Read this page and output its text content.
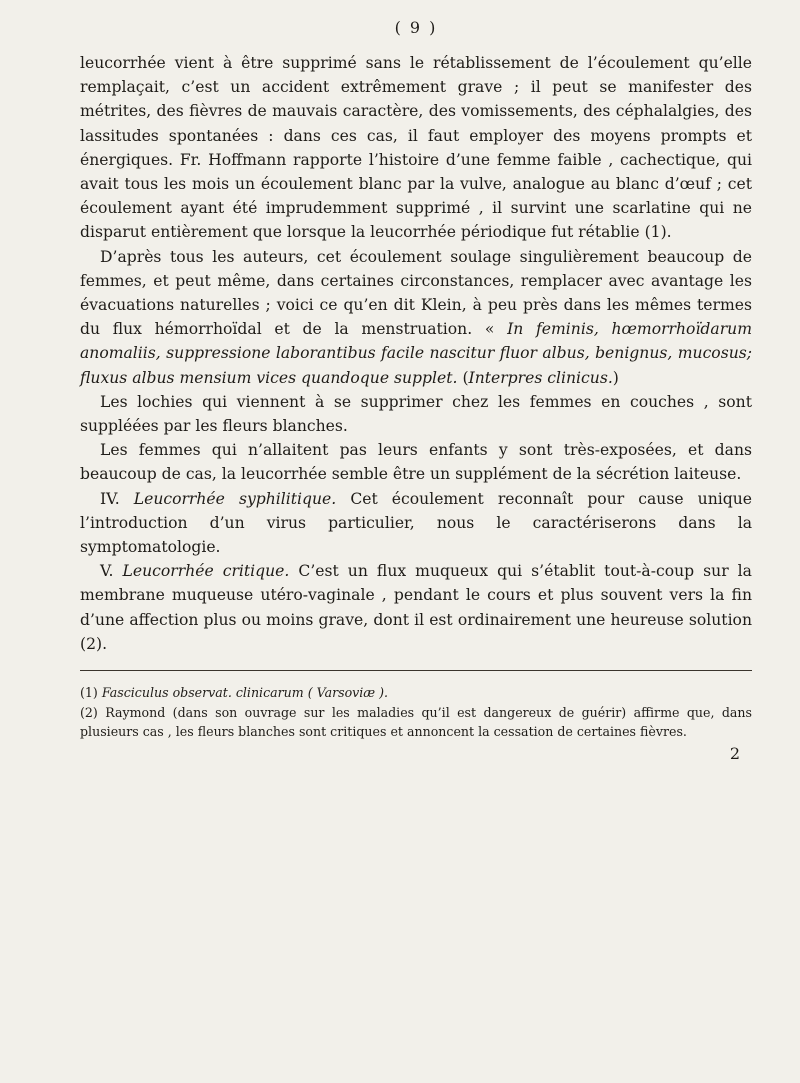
( 9 )

leucorrhée vient à être supprimé sans le rétablissement de l’écoulement qu’elle remplaçait, c’est un accident extrêmement grave ; il peut se manifester des métrites, des fièvres de mauvais caractère, des vomissements, des céphalalgies, des lassitudes spontanées : dans ces cas, il faut employer des moyens prompts et énergiques. Fr. Hoffmann rapporte l’histoire d’une femme faible , cachectique, qui avait tous les mois un écoulement blanc par la vulve, analogue au blanc d’œuf ; cet écoulement ayant été imprudemment supprimé , il survint une scarlatine qui ne disparut entièrement que lorsque la leucorrhée périodique fut rétablie (1).

D’après tous les auteurs, cet écoulement soulage singulièrement beaucoup de femmes, et peut même, dans certaines circonstances, remplacer avec avantage les évacuations naturelles ; voici ce qu’en dit Klein, à peu près dans les mêmes termes du flux hémorrhoïdal et de la menstruation. « In feminis, hœmorrhoïdarum anomaliis, suppressione laborantibus facile nascitur fluor albus, benignus, mucosus; fluxus albus mensium vices quandoque supplet. (Interpres clinicus.)

Les lochies qui viennent à se supprimer chez les femmes en couches , sont suppléées par les fleurs blanches.

Les femmes qui n’allaitent pas leurs enfants y sont très-exposées, et dans beaucoup de cas, la leucorrhée semble être un supplément de la sécrétion laiteuse.

IV. Leucorrhée syphilitique. Cet écoulement reconnaît pour cause unique l’introduction d’un virus particulier, nous le caractériserons dans la symptomatologie.

V. Leucorrhée critique. C’est un flux muqueux qui s’établit tout-à-coup sur la membrane muqueuse utéro-vaginale , pendant le cours et plus souvent vers la fin d’une affection plus ou moins grave, dont il est ordinairement une heureuse solution (2).

(1) Fasciculus observat. clinicarum ( Varsoviæ ).

(2) Raymond (dans son ouvrage sur les maladies qu’il est dangereux de guérir) affirme que, dans plusieurs cas , les fleurs blanches sont critiques et annoncent la cessation de certaines fièvres.

2
